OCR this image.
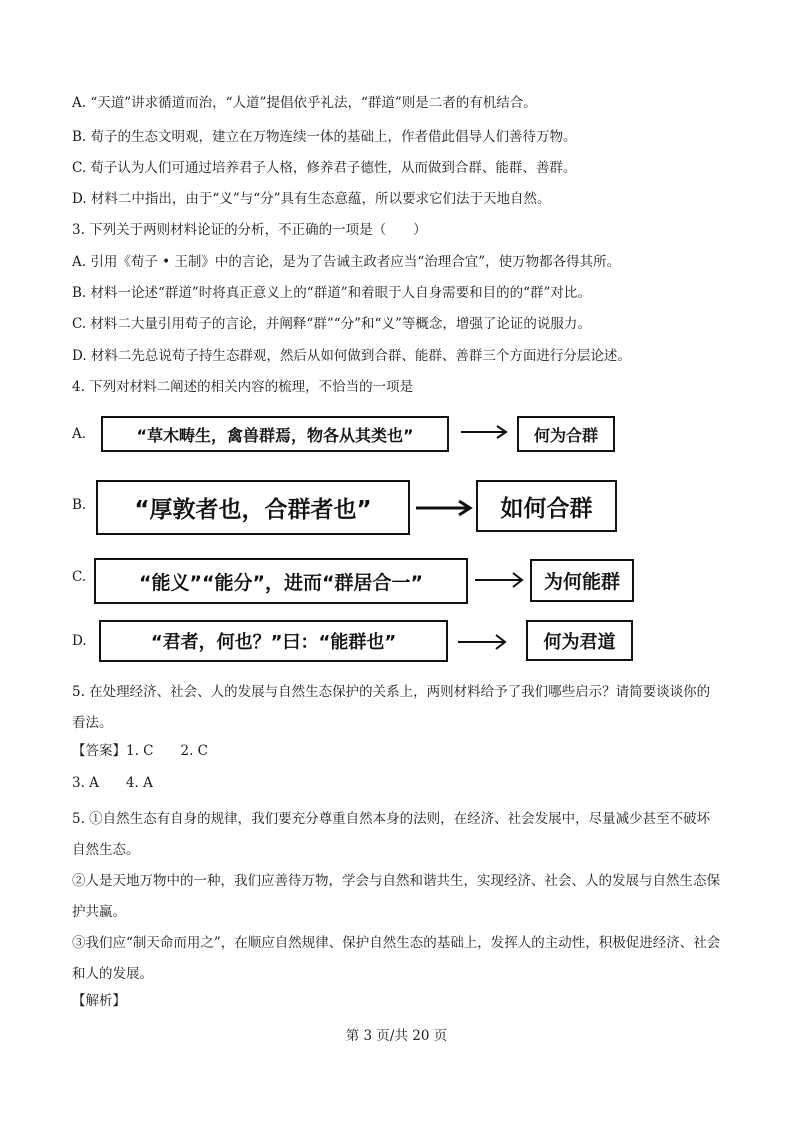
A. “天道”讲求循道而治，“人道”提倡依乎礼法，“群道”则是二者的有机结合。
B. 荀子的生态文明观，建立在万物连续一体的基础上，作者借此倡导人们善待万物。
C. 荀子认为人们可通过培养君子人格，修养君子德性，从而做到合群、能群、善群。
D. 材料二中指出，由于“义”与“分”具有生态意蕴，所以要求它们法于天地自然。
3. 下列关于两则材料论证的分析，不正确的一项是（　　）
A. 引用《荀子 • 王制》中的言论，是为了告诫主政者应当“治理合宜”，使万物都各得其所。
B. 材料一论述“群道”时将真正意义上的“群道”和着眼于人自身需要和目的的“群”对比。
C. 材料二大量引用荀子的言论，并阐释“群”“分”和“义”等概念，增强了论证的说服力。
D. 材料二先总说荀子持生态群观，然后从如何做到合群、能群、善群三个方面进行分层论述。
4. 下列对材料二阐述的相关内容的梳理，不恰当的一项是
A.	“草木畴生，禽兽群焉，物各从其类也”	何为合群
B. “厚敦者也，合群者也”	如何合群
C.	“能义”“能分”，进而“群居合一”	为何能群
D.	“君者，何也？”曰：“能群也”	何为君道
5. 在处理经济、社会、人的发展与自然生态保护的关系上，两则材料给予了我们哪些启示？请简要谈谈你的看法。
【答案】1. C　　2. C
3. A　　4. A
5. ①自然生态有自身的规律，我们要充分尊重自然本身的法则，在经济、社会发展中，尽量减少甚至不破坏自然生态。
②人是天地万物中的一种，我们应善待万物，学会与自然和谐共生，实现经济、社会、人的发展与自然生态保护共赢。
③我们应“制天命而用之”，在顺应自然规律、保护自然生态的基础上，发挥人的主动性，积极促进经济、社会和人的发展。
【解析】
第 3 页/共 20 页
